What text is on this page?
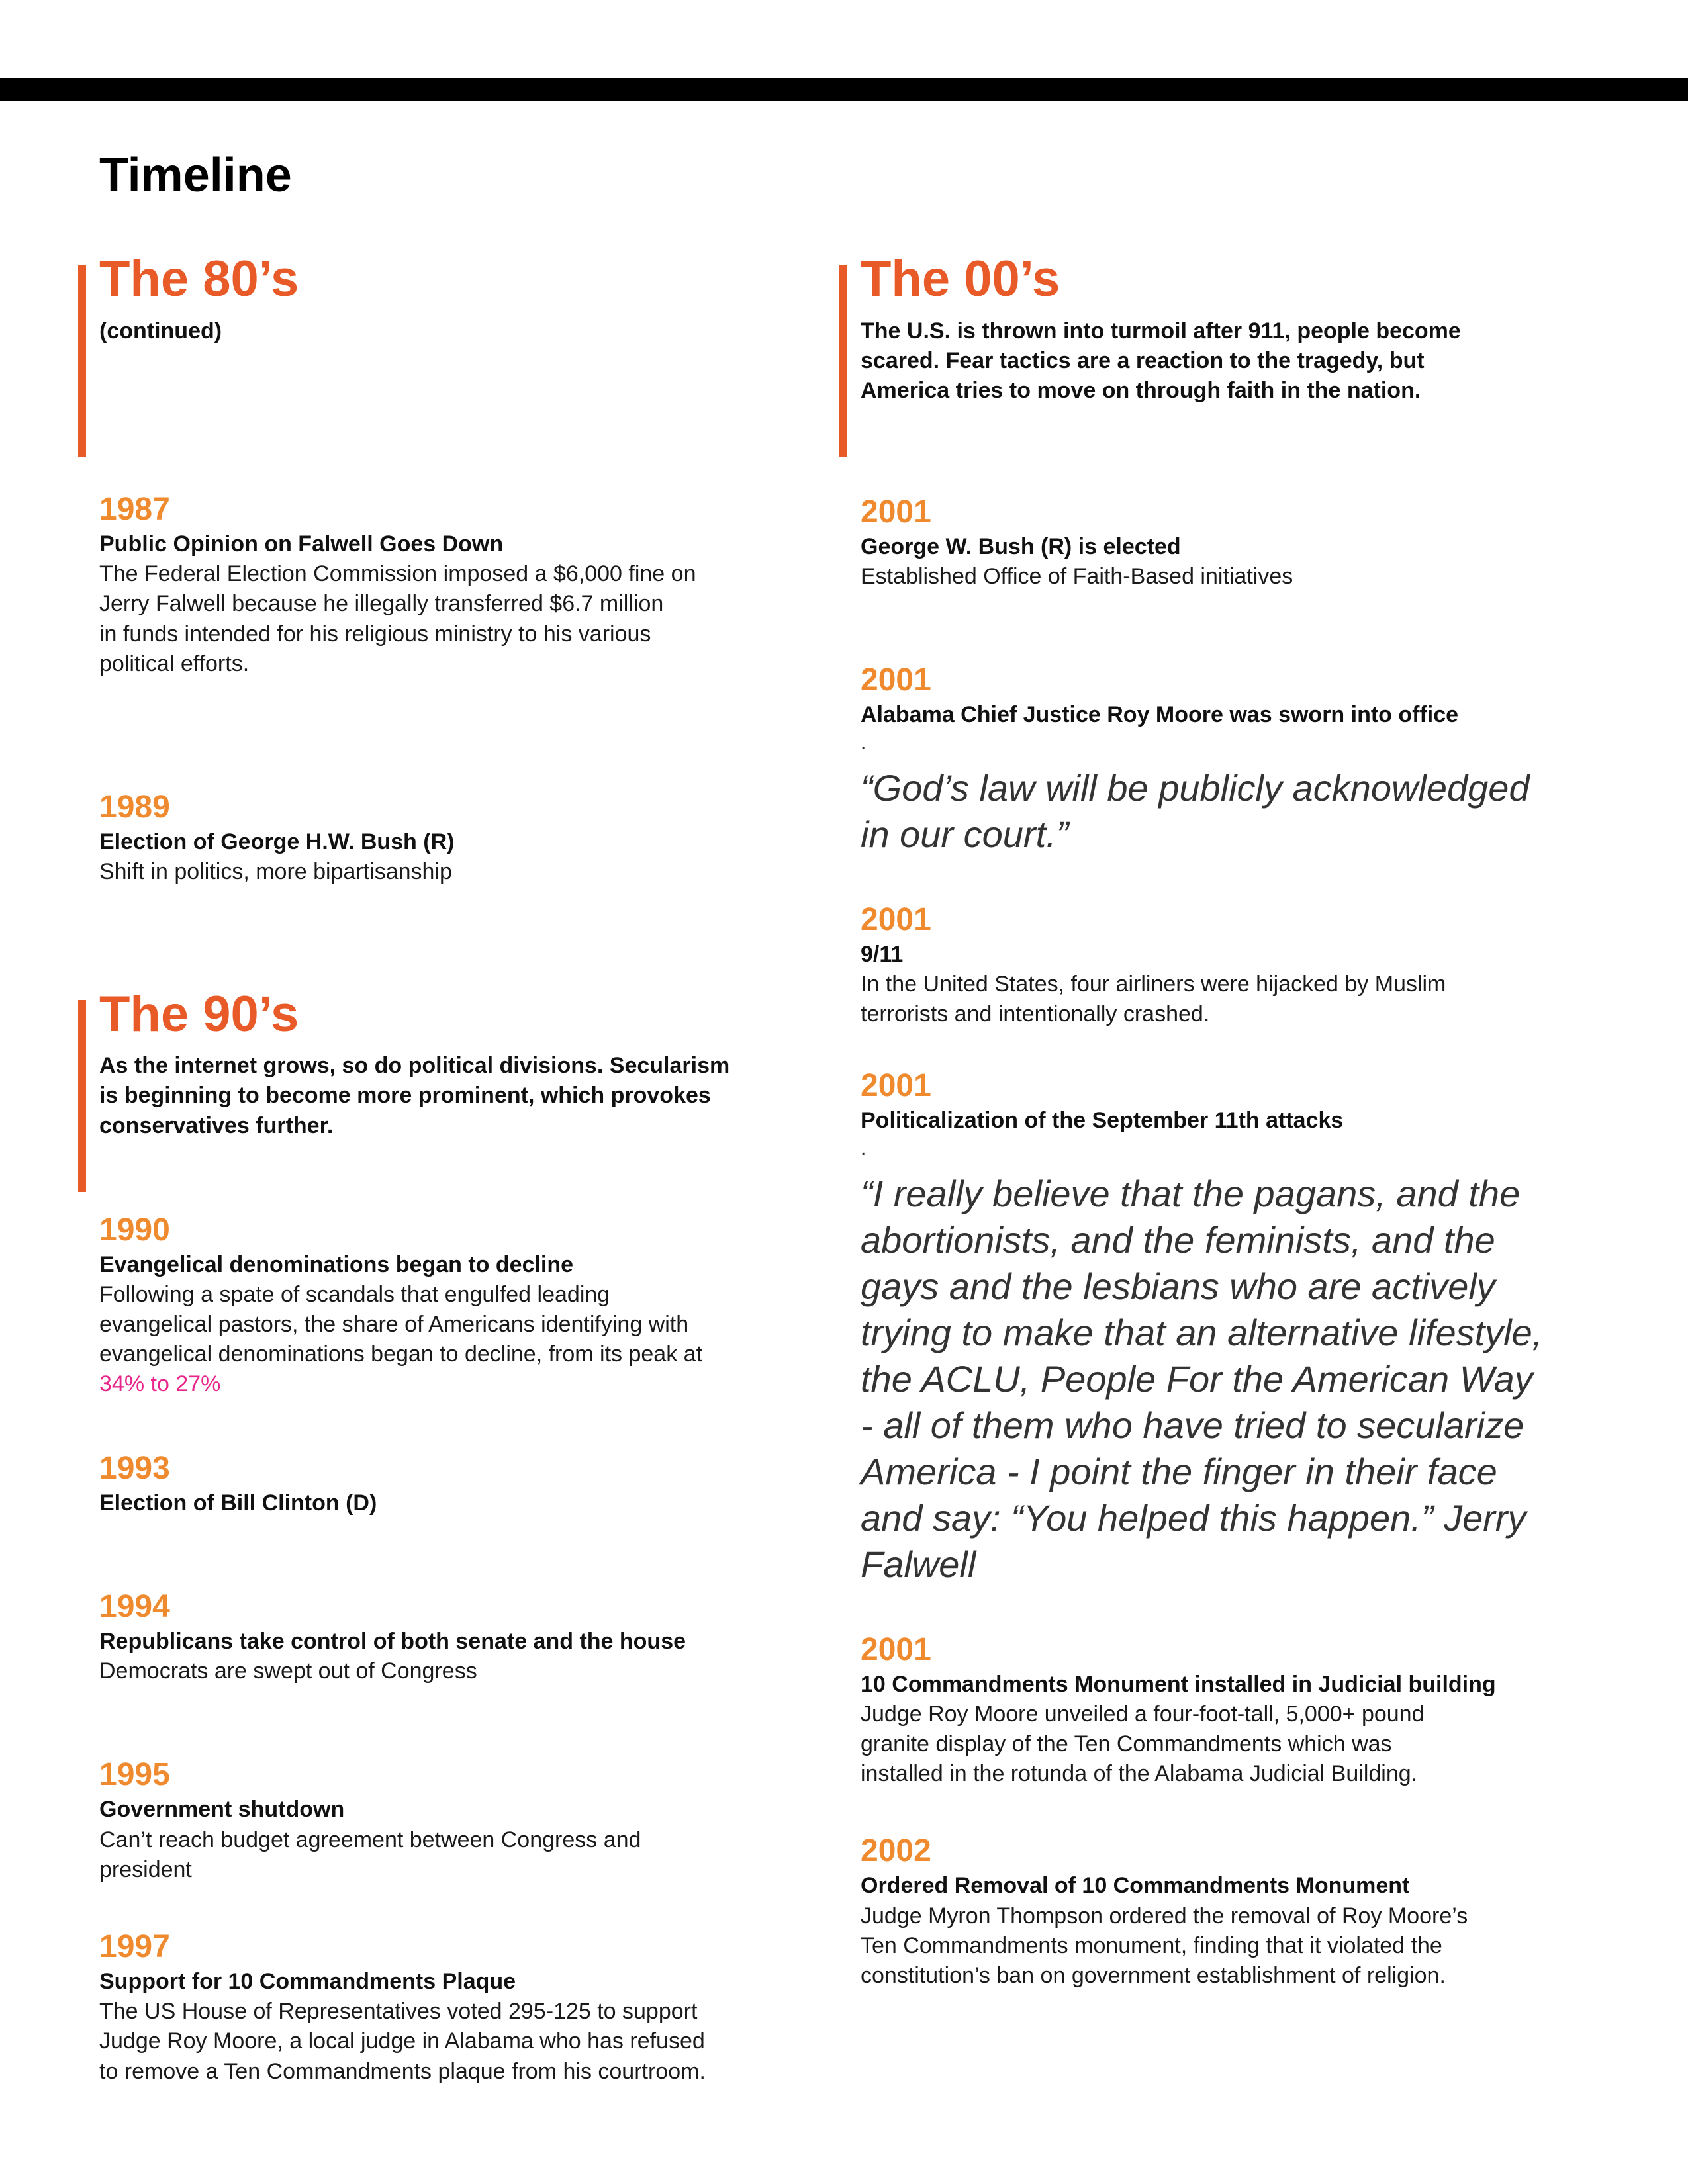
Timeline
The 80’s

(continued)

1987

Public Opinion on Falwell Goes Down

The Federal Election Commission imposed a $6,000 fine on

Jerry Falwell because he illegally transferred $6.7 million

in funds intended for his religious ministry to his various

political efforts.

1989

Election of George H.W. Bush (R)

Shift in politics, more bipartisanship

The 90’s

As the internet grows, so do political divisions. Secularism
is beginning to become more prominent, which provokes
conservatives further.

1990

Evangelical denominations began to decline

Following a spate of scandals that engulfed leading

evangelical pastors, the share of Americans identifying with

evangelical denominations began to decline, from its peak at

34% to 27%

1993

Election of Bill Clinton (D)

1994

Republicans take control of both senate and the house

Democrats are swept out of Congress

1995

Government shutdown

Can’t reach budget agreement between Congress and

president

1997

Support for 10 Commandments Plaque

The US House of Representatives voted 295-125 to support

Judge Roy Moore, a local judge in Alabama who has refused

to remove a Ten Commandments plaque from his courtroom.

The 00’s

The U.S. is thrown into turmoil after 911, people become
scared. Fear tactics are a reaction to the tragedy, but
America tries to move on through faith in the nation.

2001

George W. Bush (R) is elected

Established Office of Faith-Based initiatives

2001

Alabama Chief Justice Roy Moore was sworn into office

.

“God’s law will be publicly acknowledged
in our court.”

2001

9/11

In the United States, four airliners were hijacked by Muslim

terrorists and intentionally crashed.

2001

Politicalization of the September 11th attacks

.

“I really believe that the pagans, and the
abortionists, and the feminists, and the
gays and the lesbians who are actively
trying to make that an alternative lifestyle,
the ACLU, People For the American Way
- all of them who have tried to secularize
America - I point the finger in their face
and say: “You helped this happen.” Jerry
Falwell

2001

10 Commandments Monument installed in Judicial building

Judge Roy Moore unveiled a four-foot-tall, 5,000+ pound

granite display of the Ten Commandments which was

installed in the rotunda of the Alabama Judicial Building.

2002

Ordered Removal of 10 Commandments Monument

Judge Myron Thompson ordered the removal of Roy Moore’s

Ten Commandments monument, finding that it violated the

constitution’s ban on government establishment of religion.
